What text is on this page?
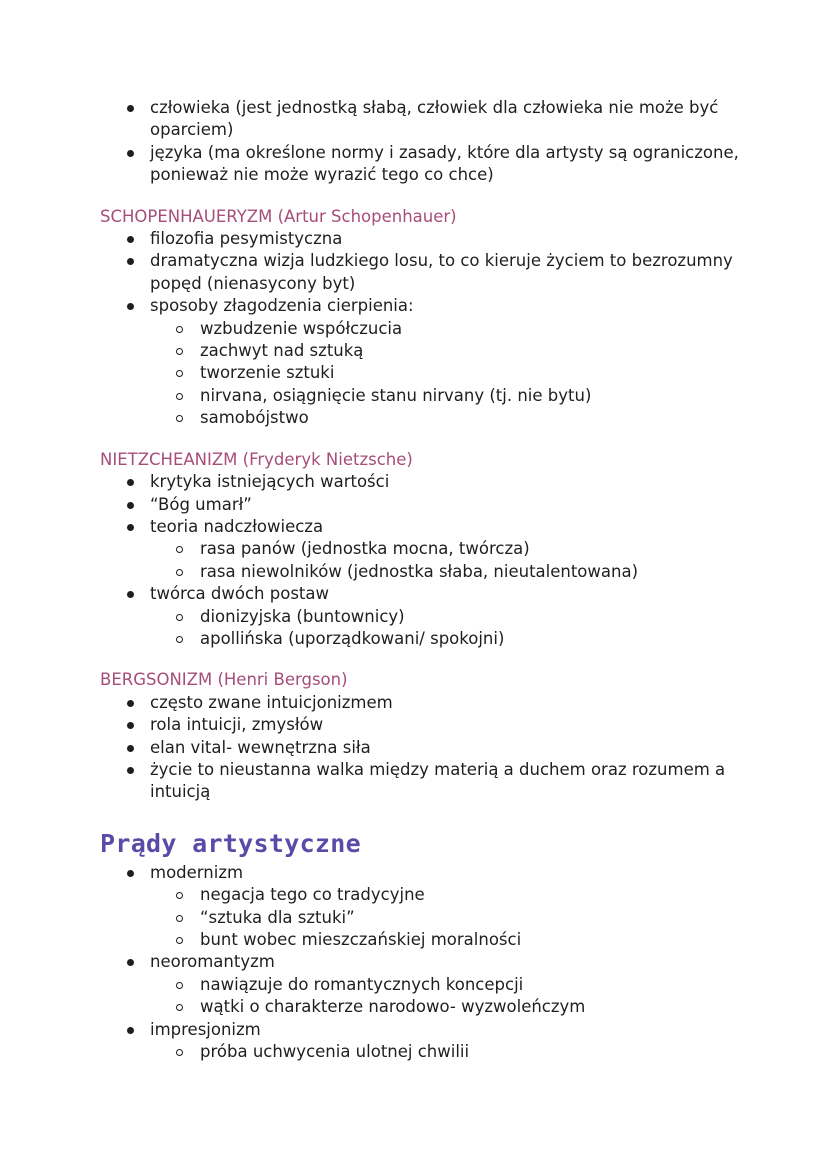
człowieka (jest jednostką słabą, człowiek dla człowieka nie może być oparciem)
języka (ma określone normy i zasady, które dla artysty są ograniczone, ponieważ nie może wyrazić tego co chce)
SCHOPENHAUERYZM (Artur Schopenhauer)
filozofia pesymistyczna
dramatyczna wizja ludzkiego losu, to co kieruje życiem to bezrozumny popęd (nienasycony byt)
sposoby złagodzenia cierpienia:
wzbudzenie współczucia
zachwyt nad sztuką
tworzenie sztuki
nirvana, osiągnięcie stanu nirvany (tj. nie bytu)
samobójstwo
NIETZCHEANIZM (Fryderyk Nietzsche)
krytyka istniejących wartości
“Bóg umarł”
teoria nadczłowiecza
rasa panów (jednostka mocna, twórcza)
rasa niewolników (jednostka słaba, nieutalentowana)
twórca dwóch postaw
dionizyjska (buntownicy)
apollińska (uporządkowani/ spokojni)
BERGSONIZM (Henri Bergson)
często zwane intuicjonizmem
rola intuicji, zmysłów
elan vital- wewnętrzna siła
życie to nieustanna walka między materią a duchem oraz rozumem a intuicją
Prądy artystyczne
modernizm
negacja tego co tradycyjne
“sztuka dla sztuki”
bunt wobec mieszczańskiej moralności
neoromantyzm
nawiązuje do romantycznych koncepcji
wątki o charakterze narodowo- wyzwoleńczym
impresjonizm
próba uchwycenia ulotnej chwilii
